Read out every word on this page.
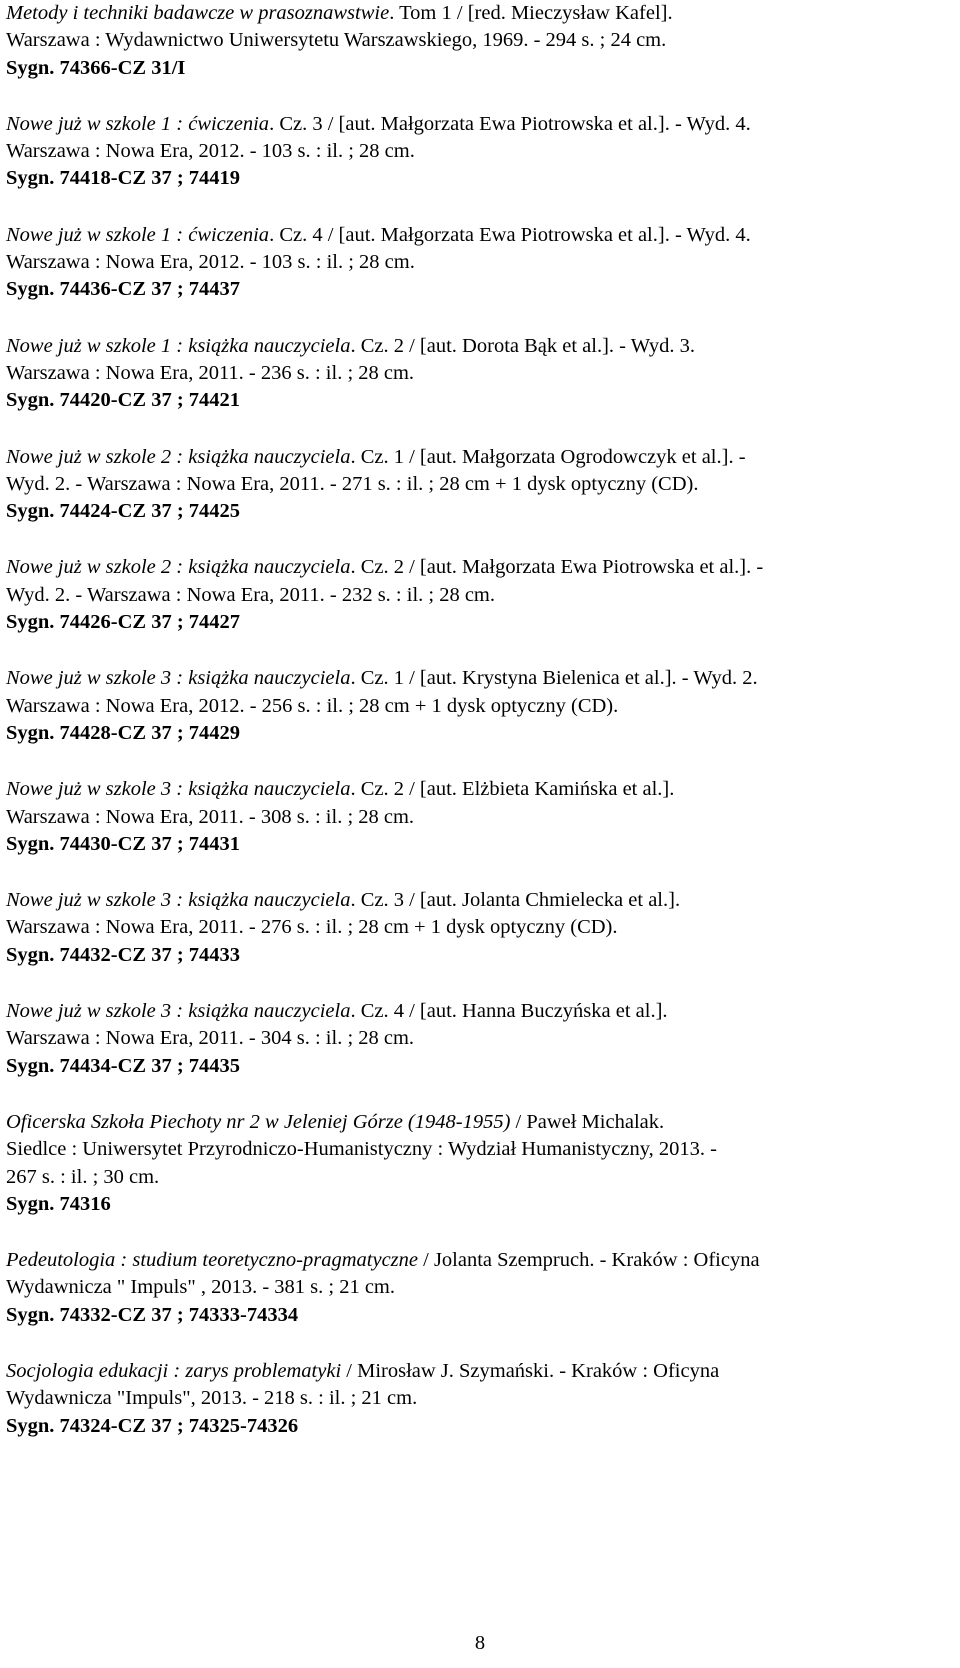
Metody i techniki badawcze w prasoznawstwie. Tom 1 / [red. Mieczysław Kafel].
Warszawa : Wydawnictwo Uniwersytetu Warszawskiego, 1969. - 294 s. ; 24 cm.
Sygn. 74366-CZ 31/I
Nowe już w szkole 1 : ćwiczenia. Cz. 3 / [aut. Małgorzata Ewa Piotrowska et al.]. - Wyd. 4.
Warszawa : Nowa Era, 2012. - 103 s. : il. ; 28 cm.
Sygn. 74418-CZ 37 ; 74419
Nowe już w szkole 1 : ćwiczenia. Cz. 4 / [aut. Małgorzata Ewa Piotrowska et al.]. - Wyd. 4.
Warszawa : Nowa Era, 2012. - 103 s. : il. ; 28 cm.
Sygn. 74436-CZ 37 ; 74437
Nowe już w szkole 1 : książka nauczyciela. Cz. 2 / [aut. Dorota Bąk et al.]. - Wyd. 3.
Warszawa : Nowa Era, 2011. - 236 s. : il. ; 28 cm.
Sygn. 74420-CZ 37 ; 74421
Nowe już w szkole 2 : książka nauczyciela. Cz. 1 / [aut. Małgorzata Ogrodowczyk et al.]. -
Wyd. 2. - Warszawa : Nowa Era, 2011. - 271 s. : il. ; 28 cm + 1 dysk optyczny (CD).
Sygn. 74424-CZ 37 ; 74425
Nowe już w szkole 2 : książka nauczyciela. Cz. 2 / [aut. Małgorzata Ewa Piotrowska et al.]. -
Wyd. 2. - Warszawa : Nowa Era, 2011. - 232 s. : il. ; 28 cm.
Sygn. 74426-CZ 37 ; 74427
Nowe już w szkole 3 : książka nauczyciela. Cz. 1 / [aut. Krystyna Bielenica et al.]. - Wyd. 2.
Warszawa : Nowa Era, 2012. - 256 s. : il. ; 28 cm + 1 dysk optyczny (CD).
Sygn. 74428-CZ 37 ; 74429
Nowe już w szkole 3 : książka nauczyciela. Cz. 2 / [aut. Elżbieta Kamińska et al.].
Warszawa : Nowa Era, 2011. - 308 s. : il. ; 28 cm.
Sygn. 74430-CZ 37 ; 74431
Nowe już w szkole 3 : książka nauczyciela. Cz. 3 / [aut. Jolanta Chmielecka et al.].
Warszawa : Nowa Era, 2011. - 276 s. : il. ; 28 cm + 1 dysk optyczny (CD).
Sygn. 74432-CZ 37 ; 74433
Nowe już w szkole 3 : książka nauczyciela. Cz. 4 / [aut. Hanna Buczyńska et al.].
Warszawa : Nowa Era, 2011. - 304 s. : il. ; 28 cm.
Sygn. 74434-CZ 37 ; 74435
Oficerska Szkoła Piechoty nr 2 w Jeleniej Górze (1948-1955) / Paweł Michalak.
Siedlce : Uniwersytet Przyrodniczo-Humanistyczny : Wydział Humanistyczny, 2013. -
267 s. : il. ; 30 cm.
Sygn. 74316
Pedeutologia : studium teoretyczno-pragmatyczne / Jolanta Szempruch. - Kraków : Oficyna
Wydawnicza " Impuls" , 2013. - 381 s. ; 21 cm.
Sygn. 74332-CZ 37 ; 74333-74334
Socjologia edukacji : zarys problematyki / Mirosław J. Szymański. - Kraków : Oficyna
Wydawnicza "Impuls", 2013. - 218 s. : il. ; 21 cm.
Sygn. 74324-CZ 37 ; 74325-74326
8
